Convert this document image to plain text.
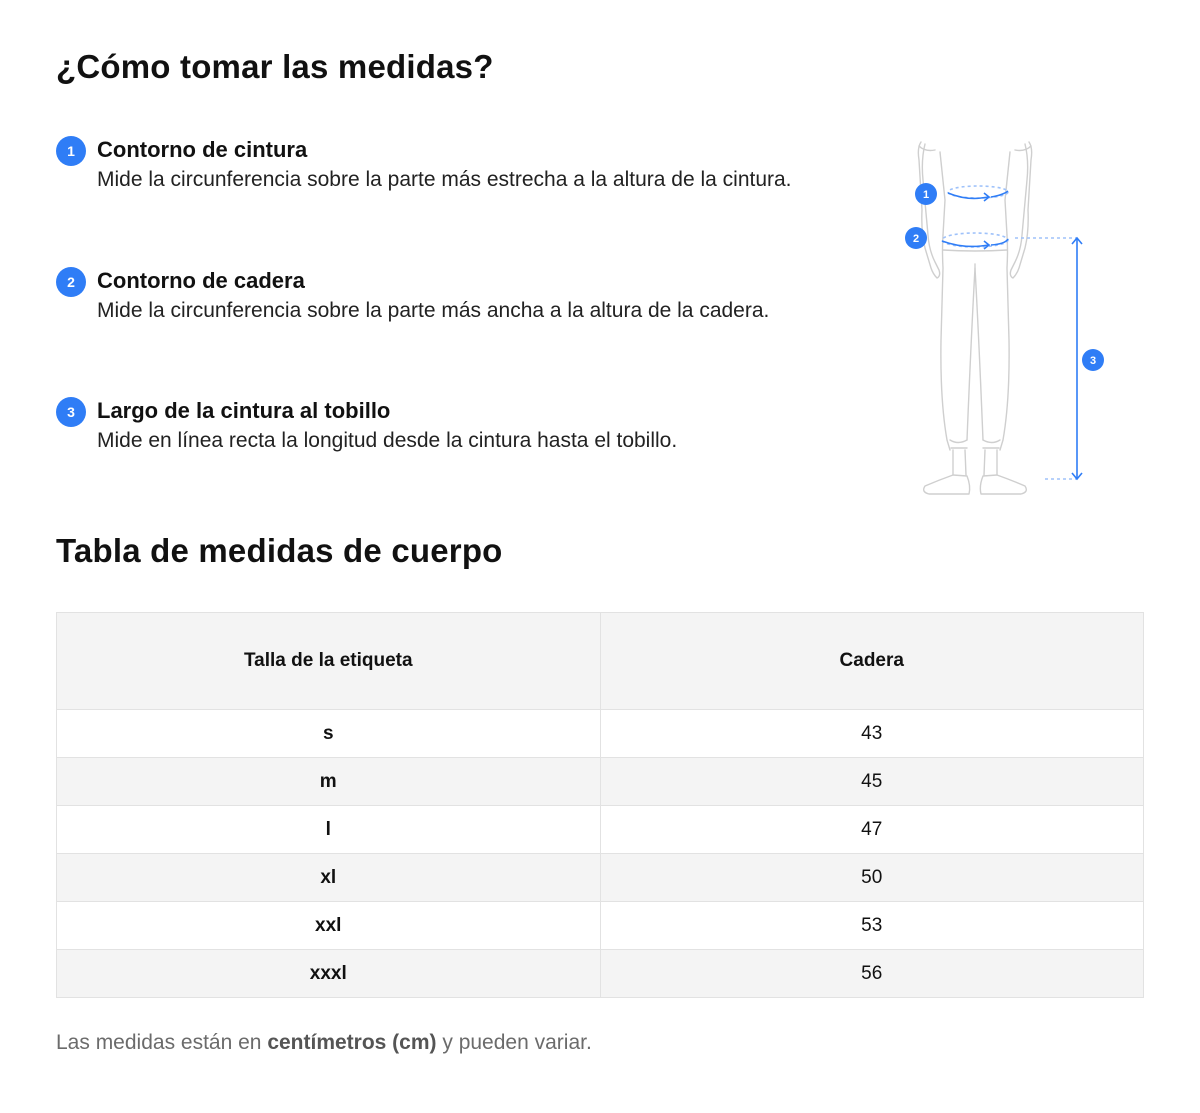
¿Cómo tomar las medidas?
1	Contorno de cintura
Mide la circunferencia sobre la parte más estrecha a la altura de la cintura.
2	Contorno de cadera
Mide la circunferencia sobre la parte más ancha a la altura de la cadera.
3	Largo de la cintura al tobillo
Mide en línea recta la longitud desde la cintura hasta el tobillo.
1
2
3
Tabla de medidas de cuerpo
Talla de la etiqueta	Cadera
s	43
m	45
l	47
xl	50
xxl	53
xxxl	56
Las medidas están en centímetros (cm) y pueden variar.
